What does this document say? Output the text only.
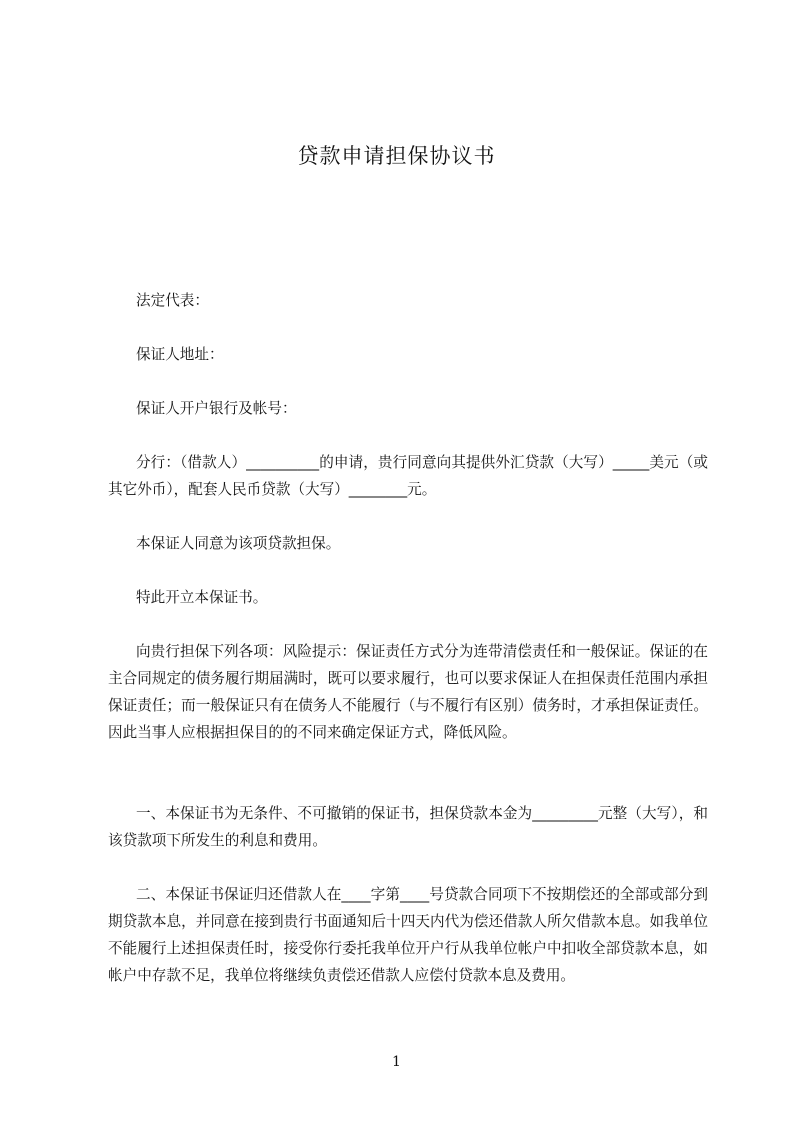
贷款申请担保协议书

法定代表：

保证人地址：

保证人开户银行及帐号：

分行：（借款人）__________的申请，贵行同意向其提供外汇贷款（大写）_____美元（或其它外币），配套人民币贷款（大写）________元。

本保证人同意为该项贷款担保。

特此开立本保证书。

向贵行担保下列各项：风险提示：保证责任方式分为连带清偿责任和一般保证。保证的在主合同规定的债务履行期届满时，既可以要求履行，也可以要求保证人在担保责任范围内承担保证责任；而一般保证只有在债务人不能履行（与不履行有区别）债务时，才承担保证责任。因此当事人应根据担保目的的不同来确定保证方式，降低风险。

一、本保证书为无条件、不可撤销的保证书，担保贷款本金为_________元整（大写），和该贷款项下所发生的利息和费用。

二、本保证书保证归还借款人在____字第____号贷款合同项下不按期偿还的全部或部分到期贷款本息，并同意在接到贵行书面通知后十四天内代为偿还借款人所欠借款本息。如我单位不能履行上述担保责任时，接受你行委托我单位开户行从我单位帐户中扣收全部贷款本息，如帐户中存款不足，我单位将继续负责偿还借款人应偿付贷款本息及费用。

1
